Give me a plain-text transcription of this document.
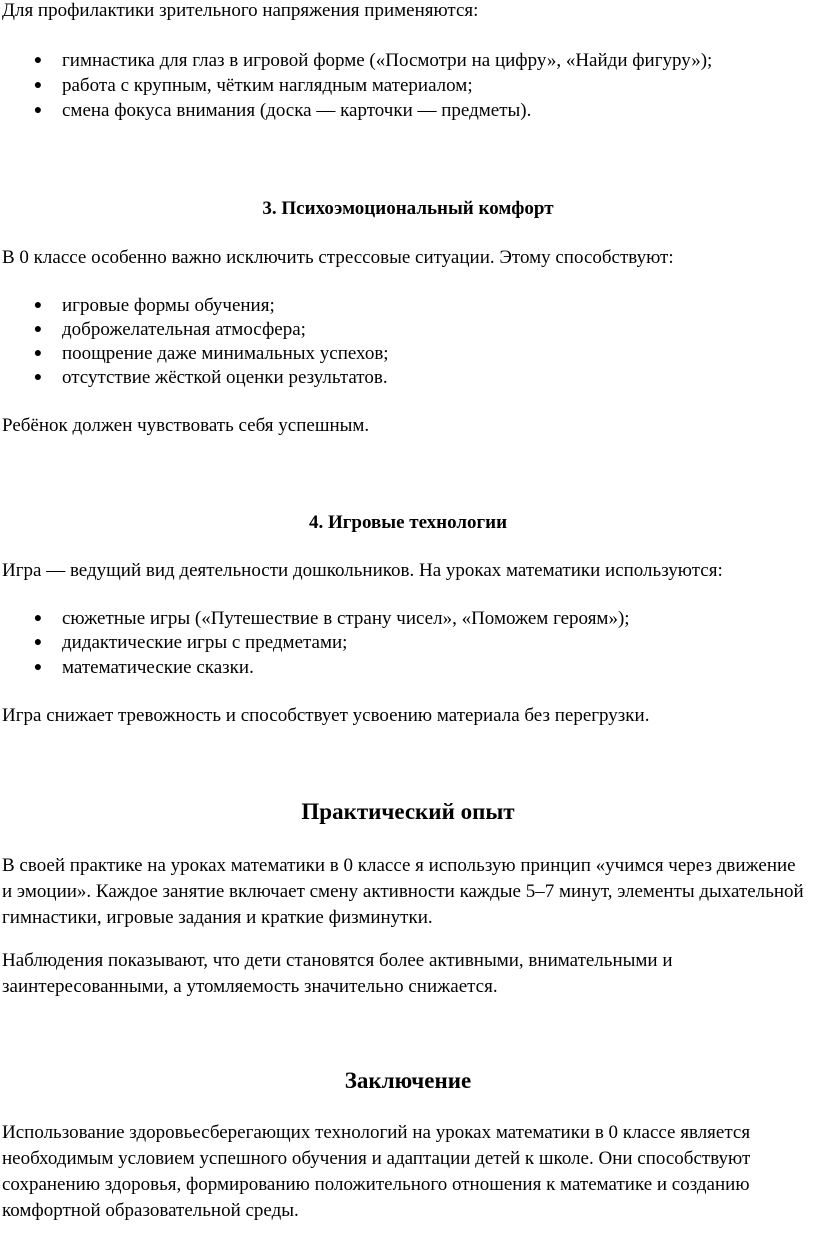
Для профилактики зрительного напряжения применяются:

● гимнастика для глаз в игровой форме («Посмотри на цифру», «Найди фигуру»);
● работа с крупным, чётким наглядным материалом;
● смена фокуса внимания (доска — карточки — предметы).
3. Психоэмоциональный комфорт

В 0 классе особенно важно исключить стрессовые ситуации. Этому способствуют:

● игровые формы обучения;
● доброжелательная атмосфера;
● поощрение даже минимальных успехов;
● отсутствие жёсткой оценки результатов.

Ребёнок должен чувствовать себя успешным.

4. Игровые технологии

Игра — ведущий вид деятельности дошкольников. На уроках математики используются:

● сюжетные игры («Путешествие в страну чисел», «Поможем героям»);
● дидактические игры с предметами;
● математические сказки.

Игра снижает тревожность и способствует усвоению материала без перегрузки.

Практический опыт

В своей практике на уроках математики в 0 классе я использую принцип «учимся через движение и эмоции». Каждое занятие включает смену активности каждые 5–7 минут, элементы дыхательной гимнастики, игровые задания и краткие физминутки.

Наблюдения показывают, что дети становятся более активными, внимательными и заинтересованными, а утомляемость значительно снижается.

Заключение

Использование здоровьесберегающих технологий на уроках математики в 0 классе является необходимым условием успешного обучения и адаптации детей к школе. Они способствуют сохранению здоровья, формированию положительного отношения к математике и созданию комфортной образовательной среды.
